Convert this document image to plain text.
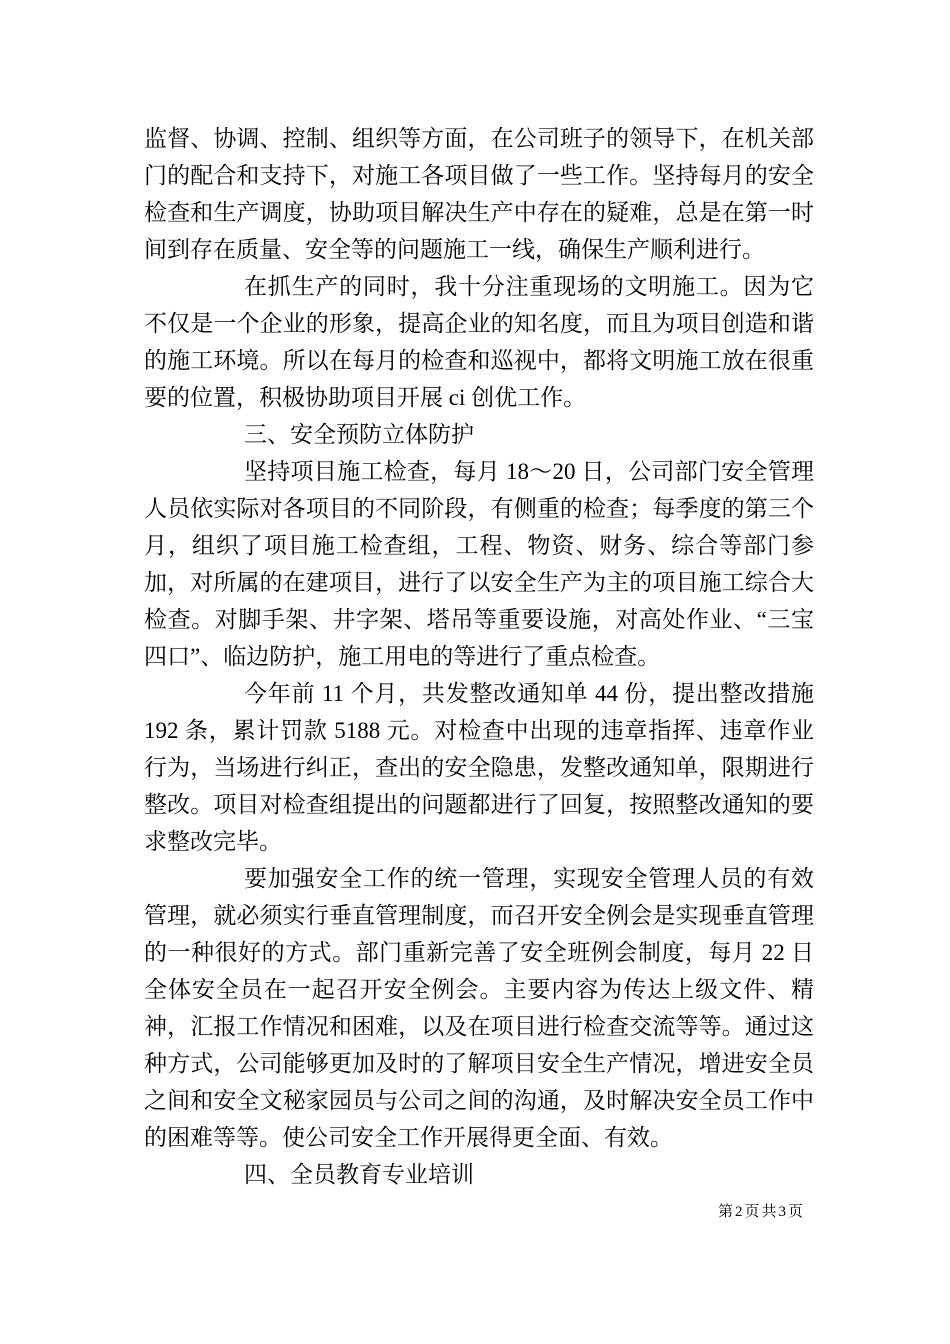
监督、协调、控制、组织等方面，在公司班子的领导下，在机关部门的配合和支持下，对施工各项目做了一些工作。坚持每月的安全检查和生产调度，协助项目解决生产中存在的疑难，总是在第一时间到存在质量、安全等的问题施工一线，确保生产顺利进行。

在抓生产的同时，我十分注重现场的文明施工。因为它不仅是一个企业的形象，提高企业的知名度，而且为项目创造和谐的施工环境。所以在每月的检查和巡视中，都将文明施工放在很重要的位置，积极协助项目开展 ci 创优工作。

三、安全预防立体防护

坚持项目施工检查，每月 18～20 日，公司部门安全管理人员依实际对各项目的不同阶段，有侧重的检查；每季度的第三个月，组织了项目施工检查组，工程、物资、财务、综合等部门参加，对所属的在建项目，进行了以安全生产为主的项目施工综合大检查。对脚手架、井字架、塔吊等重要设施，对高处作业、“三宝四口”、临边防护，施工用电的等进行了重点检查。

今年前 11 个月，共发整改通知单 44 份，提出整改措施 192 条，累计罚款 5188 元。对检查中出现的违章指挥、违章作业行为，当场进行纠正，查出的安全隐患，发整改通知单，限期进行整改。项目对检查组提出的问题都进行了回复，按照整改通知的要求整改完毕。

要加强安全工作的统一管理，实现安全管理人员的有效管理，就必须实行垂直管理制度，而召开安全例会是实现垂直管理的一种很好的方式。部门重新完善了安全班例会制度，每月 22 日全体安全员在一起召开安全例会。主要内容为传达上级文件、精神，汇报工作情况和困难，以及在项目进行检查交流等等。通过这种方式，公司能够更加及时的了解项目安全生产情况，增进安全员之间和安全文秘家园员与公司之间的沟通，及时解决安全员工作中的困难等等。使公司安全工作开展得更全面、有效。

四、全员教育专业培训

第2页共3页
